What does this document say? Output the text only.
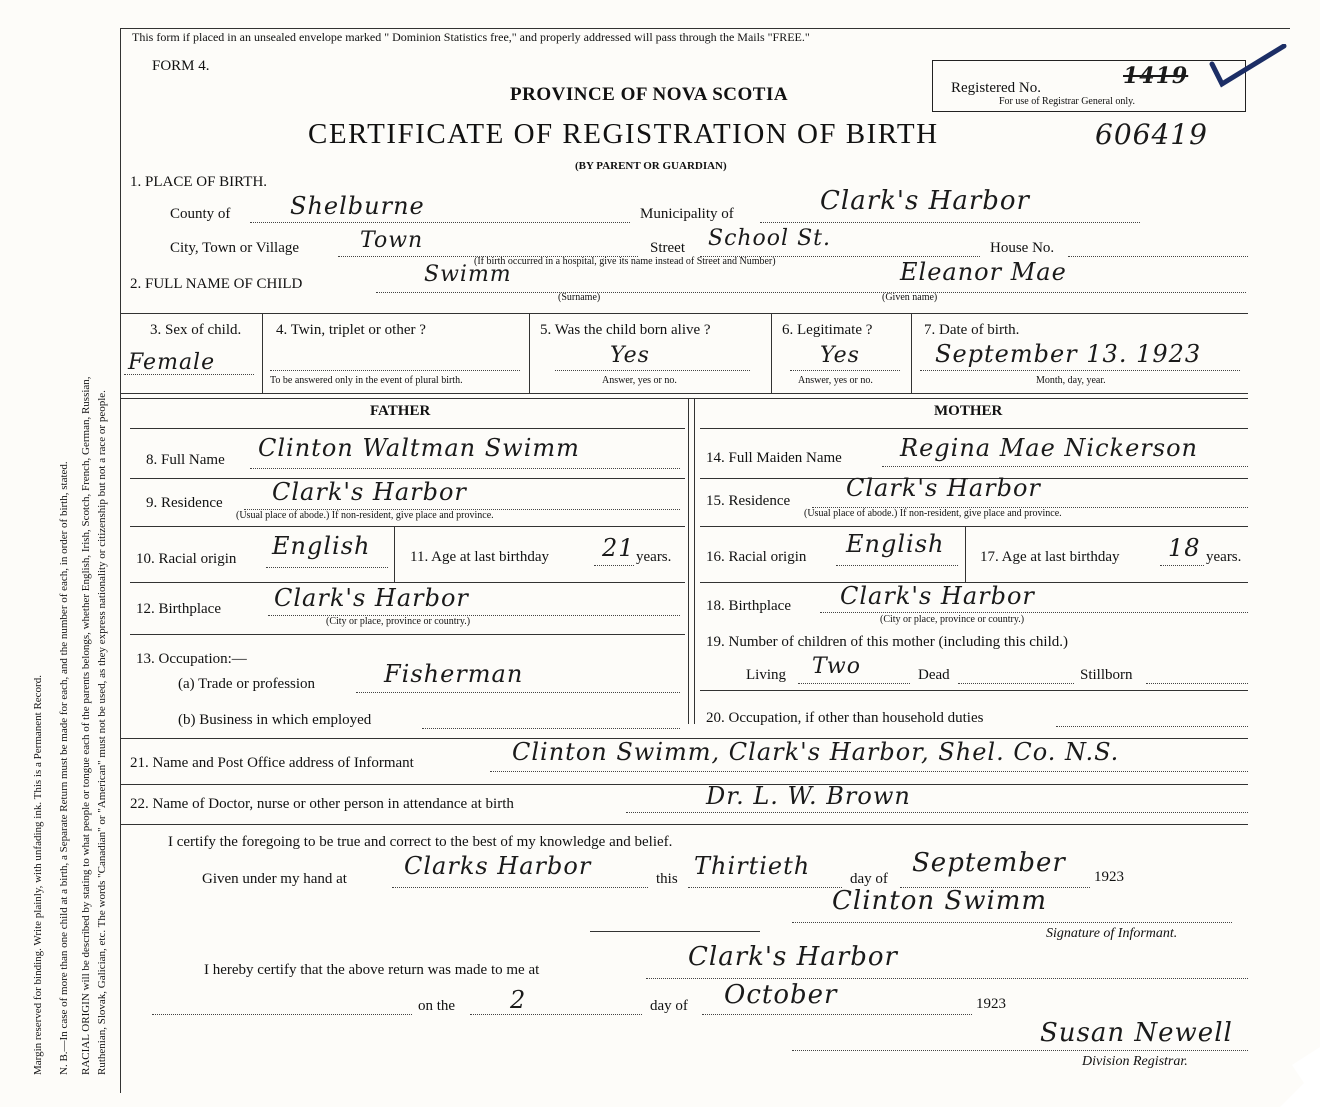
Margin reserved for binding. Write plainly, with unfading ink. This is a Permanent Record. N. B.—In case of more than one child at a birth, a Separate Return must be made for each, and the number of each, in order of birth, stated. RACIAL ORIGIN will be described by stating to what people or tongue each of the parents belongs, whether English, Irish, Scotch, French, German, Russian, Ruthenian, Slovak, Galician, etc. The words "Canadian" or "American" must not be used, as they express nationality or citizenship but not a race or people.
This form if placed in an unsealed envelope marked " Dominion Statistics free," and properly addressed will pass through the Mails "FREE."
FORM 4.
PROVINCE OF NOVA SCOTIA
CERTIFICATE OF REGISTRATION OF BIRTH	606419
(BY PARENT OR GUARDIAN)
Registered No.	1419
For use of Registrar General only.
1. PLACE OF BIRTH.
County of Shelburne	Municipality of	Clark's Harbor
City, Town or Village	Town	Street School St.	House No.
(If birth occurred in a hospital, give its name instead of Street and Number)
2. FULL NAME OF CHILD	Swimm	Eleanor Mae
(Surname)	(Given name)
3. Sex of child.
Female
4. Twin, triplet or other ?
To be answered only in the event of plural birth.
5. Was the child born alive ?
Yes
Answer, yes or no.
6. Legitimate ?
Yes
Answer, yes or no.
7. Date of birth.
September 13. 1923
Month, day, year.
FATHER	MOTHER
8. Full Name Clinton Waltman Swimm
9. Residence Clark's Harbor
(Usual place of abode.) If non-resident, give place and province.
10. Racial origin English	11. Age at last birthday 21 years.
12. Birthplace Clark's Harbor
(City or place, province or country.)
13. Occupation:—
(a) Trade or profession	Fisherman
(b) Business in which employed
14. Full Maiden Name Regina Mae Nickerson
15. Residence Clark's Harbor
(Usual place of abode.) If non-resident, give place and province.
16. Racial origin English 17. Age at last birthday 18 years.
18. Birthplace Clark's Harbor
(City or place, province or country.)
19. Number of children of this mother (including this child.)
Living Two	Dead	Stillborn
20. Occupation, if other than household duties
21. Name and Post Office address of Informant	Clinton Swimm, Clark's Harbor, Shel. Co. N.S.
22. Name of Doctor, nurse or other person in attendance at birth	Dr. L. W. Brown
I certify the foregoing to be true and correct to the best of my knowledge and belief.
Given under my hand at Clarks Harbor	this Thirtieth	day of
September 1923
Clinton Swimm
Signature of Informant.
I hereby certify that the above return was made to me at	Clark's Harbor
on the 2	day of October	1923
Susan Newell
Division Registrar.
